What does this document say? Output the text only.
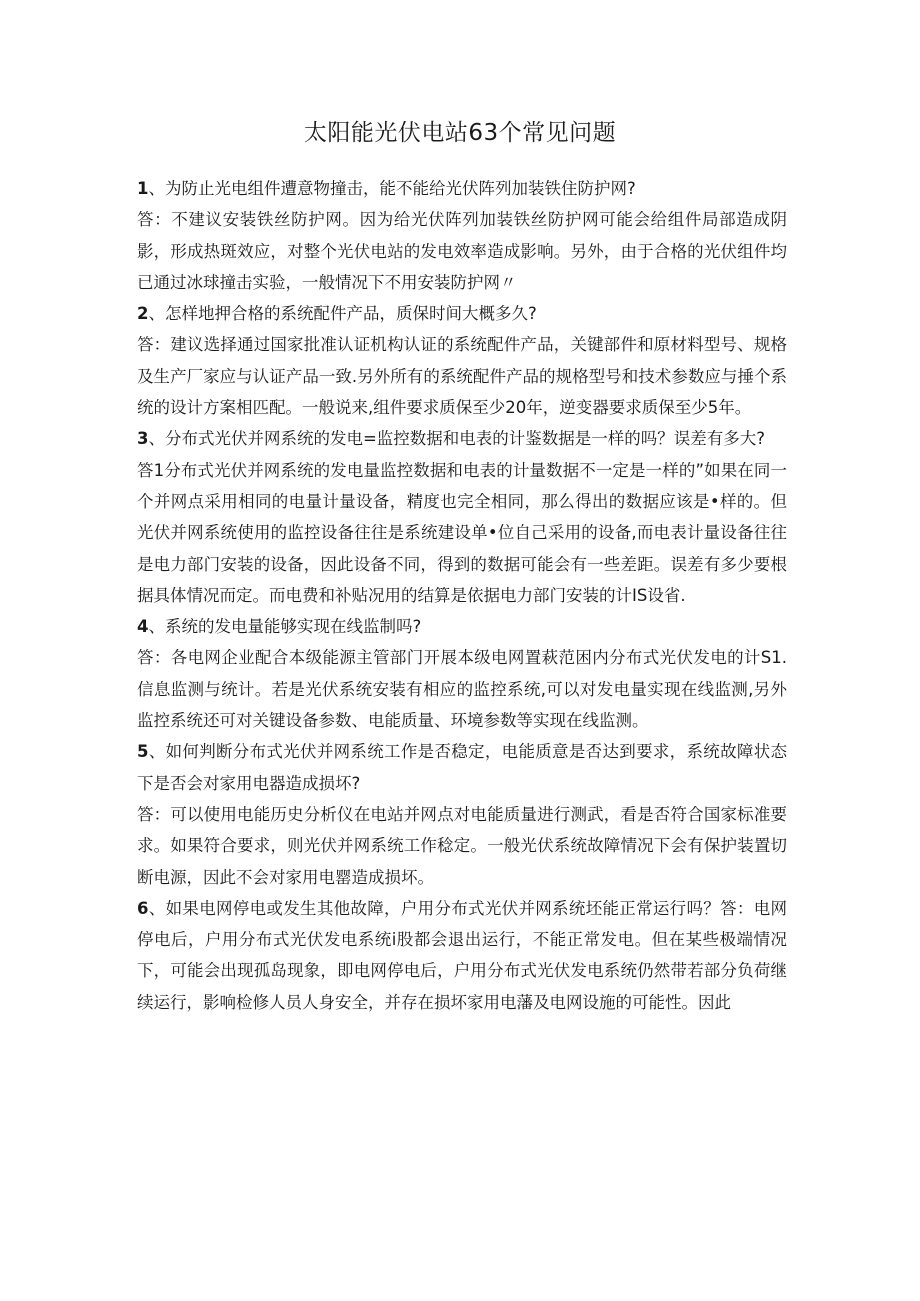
太阳能光伏电站63个常见问题

1、为防止光电组件遭意物撞击，能不能给光伏阵列加装铁住防护网?

答：不建议安装铁丝防护网。因为给光伏阵列加装铁丝防护网可能会给组件局部造成阴影，形成热斑效应，对整个光伏电站的发电效率造成影响。另外，由于合格的光伏组件均已通过冰球撞击实验，一般情况下不用安装防护网〃

2、怎样地押合格的系统配件产品，质保时间大概多久?

答：建议选择通过国家批准认证机构认证的系统配件产品，关键部件和原材料型号、规格及生产厂家应与认证产品一致.另外所有的系统配件产品的规格型号和技术参数应与捶个系统的设计方案相匹配。一般说来,组件要求质保至少20年，逆变器要求质保至少5年。

3、分布式光伏并网系统的发电=监控数据和电表的计鉴数据是一样的吗？误差有多大?

答1分布式光伏并网系统的发电量监控数据和电表的计量数据不一定是一样的”如果在同一个并网点采用相同的电量计量设备，精度也完全相同，那么得出的数据应该是•样的。但光伏并网系统使用的监控设备往往是系统建设单•位自己采用的设备,而电表计量设备往往是电力部门安装的设备，因此设备不同，得到的数据可能会有一些差距。误差有多少要根据具体情况而定。而电费和补贴况用的结算是依据电力部门安装的计IS设省.

4、系统的发电量能够实现在线监制吗?

答：各电网企业配合本级能源主管部门开展本级电网置萩范困内分布式光伏发电的计S1.信息监测与统计。若是光伏系统安装有相应的监控系统,可以对发电量实现在线监测,另外监控系统还可对关键设备参数、电能质量、环境参数等实现在线监测。

5、如何判断分布式光伏并网系统工作是否稳定，电能质意是否达到要求，系统故障状态下是否会对家用电器造成损坏?

答：可以使用电能历史分析仪在电站并网点对电能质量进行测武，看是否符合国家标准要求。如果符合要求，则光伏并网系统工作稔定。一般光伏系统故障情况下会有保护装置切断电源，因此不会对家用电罂造成损坏。

6、如果电网停电或发生其他故障，户用分布式光伏并网系统坯能正常运行吗？答：电网停电后，户用分布式光伏发电系统i股都会退出运行，不能正常发电。但在某些极端情况下，可能会出现孤岛现象，即电网停电后，户用分布式光伏发电系统仍然带若部分负荷继续运行，影响检修人员人身安全，并存在损坏家用电藩及电网设施的可能性。因此
